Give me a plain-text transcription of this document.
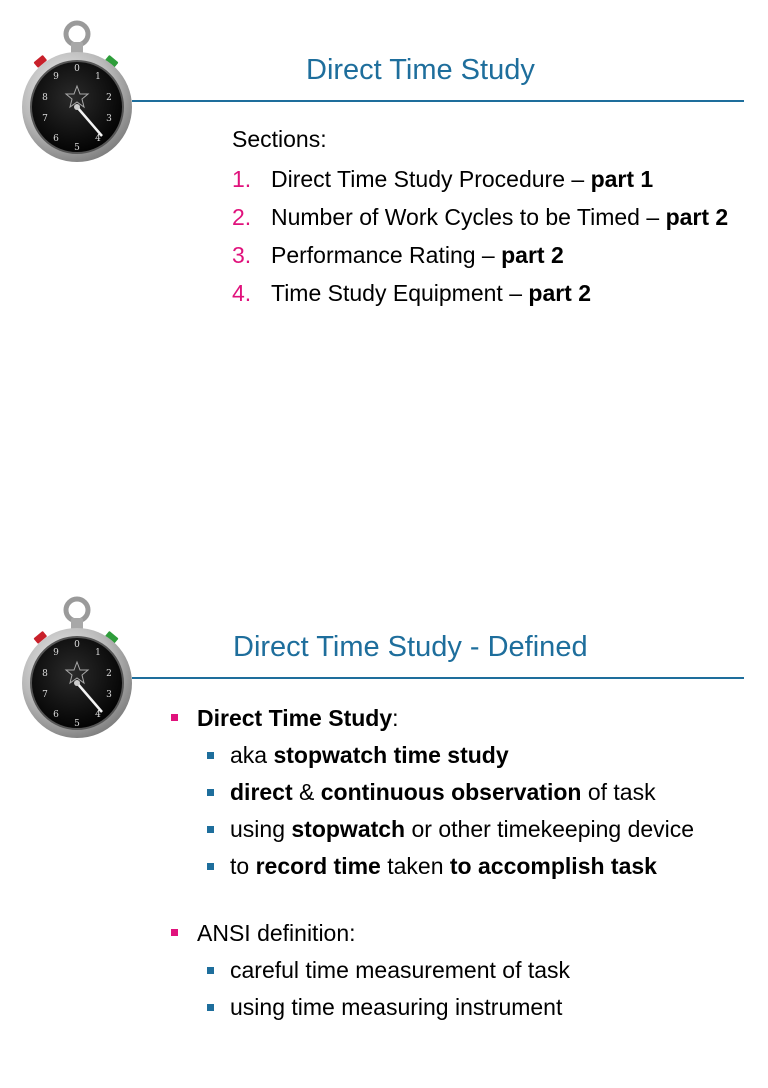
0
1
2
3
4
5
6
7
8
9	Direct Time Study
Sections:
1. Direct Time Study Procedure – part 1
2. Number of Work Cycles to be Timed – part 2
3. Performance Rating – part 2
4. Time Study Equipment – part 2
0
1
2
3
4
5
6
7
8
9	Direct Time Study - Defined
Direct Time Study:
aka stopwatch time study
direct & continuous observation of task
using stopwatch or other timekeeping device
to record time taken to accomplish task
ANSI definition:
careful time measurement of task
using time measuring instrument
